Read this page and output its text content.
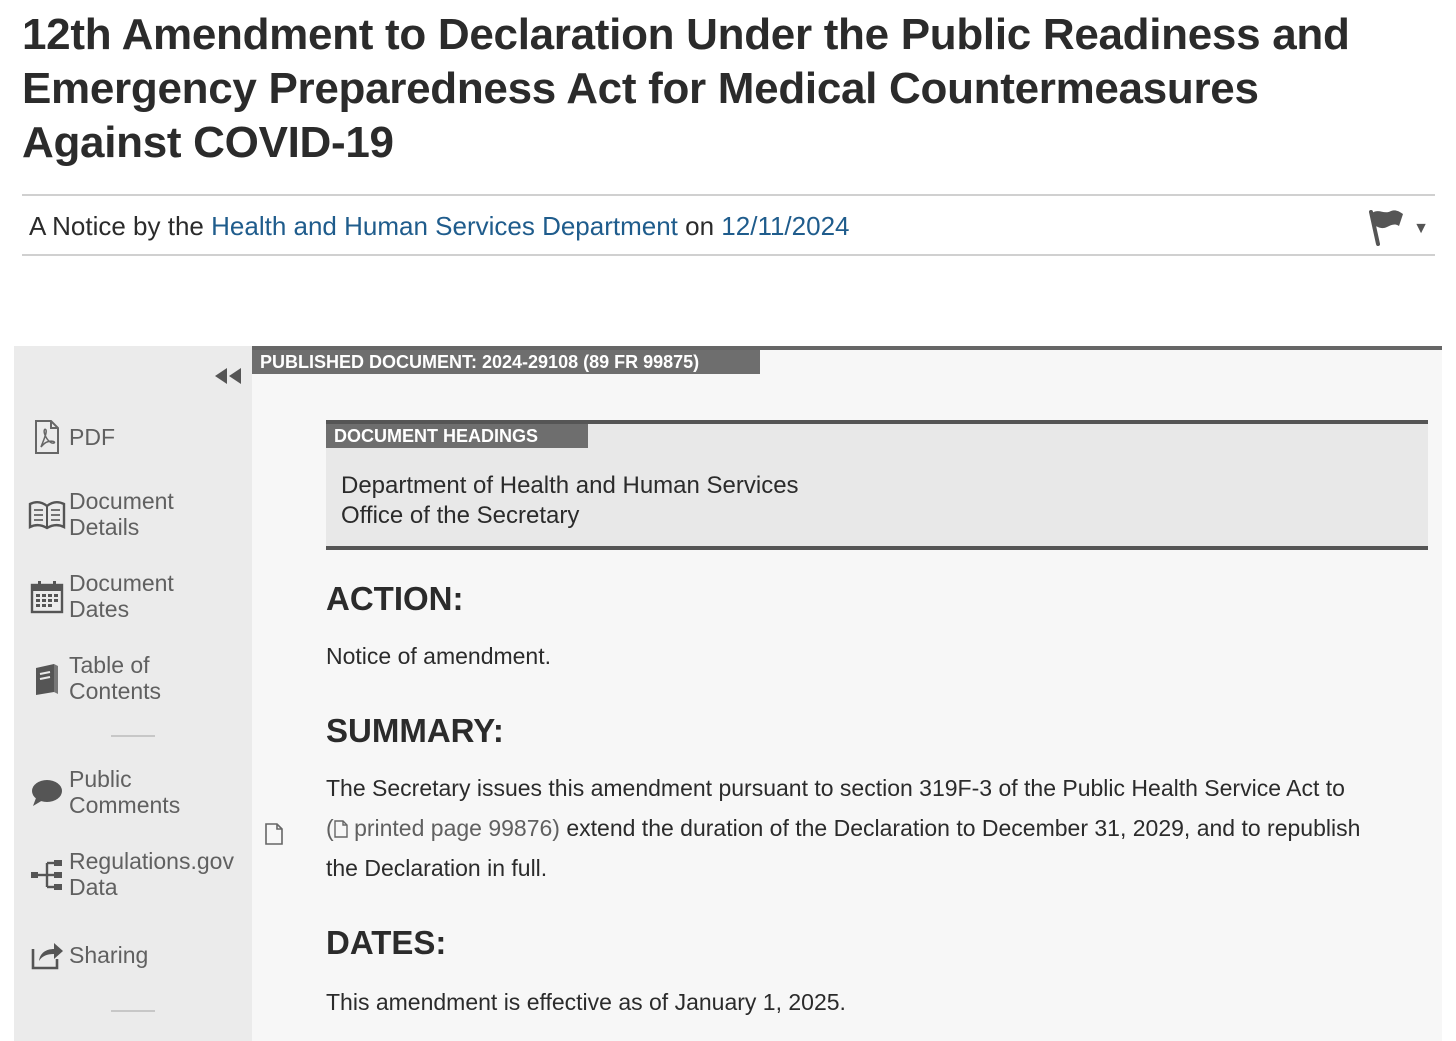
12th Amendment to Declaration Under the Public Readiness and Emergency Preparedness Act for Medical Countermeasures Against COVID-19
A Notice by the Health and Human Services Department on 12/11/2024	▼
PDF
Document Details
Document Dates
Table of Contents
Public Comments
Regulations.gov Data
Sharing
PUBLISHED DOCUMENT: 2024-29108 (89 FR 99875)
DOCUMENT HEADINGS
Department of Health and Human Services
Office of the Secretary
ACTION:

Notice of amendment.

SUMMARY:
The Secretary issues this amendment pursuant to section 319F-3 of the Public Health Service Act to
( printed page 99876) extend the duration of the Declaration to December 31, 2029, and to republish
the Declaration in full.
DATES:

This amendment is effective as of January 1, 2025.
